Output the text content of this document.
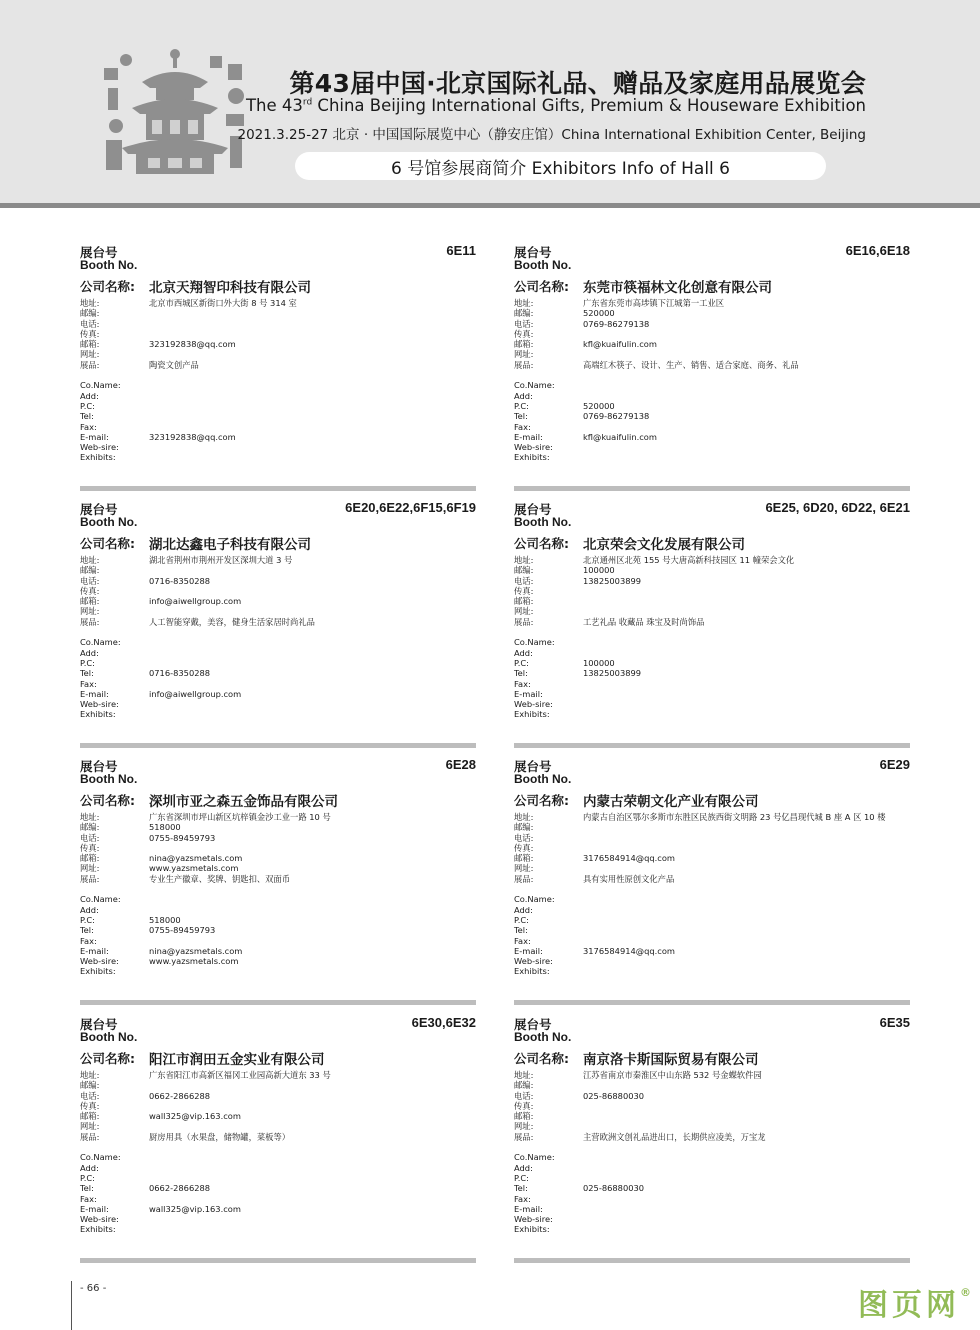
第43届中国·北京国际礼品、赠品及家庭用品展览会
The 43rd China Beijing International Gifts, Premium & Houseware Exhibition
2021.3.25-27 北京 · 中国国际展览中心（静安庄馆）China International Exhibition Center, Beijing
6 号馆参展商简介 Exhibitors Info of Hall 6
展台号
Booth No.
6E11
公司名称: 北京天翔智印科技有限公司
地址:	北京市西城区新街口外大街 8 号 314 室
邮编:
电话:
传真:
邮箱:	323192838@qq.com
网址:
展品:	陶瓷文创产品
Co.Name:
Add:
P.C:
Tel:
Fax:
E-mail:	323192838@qq.com
Web-sire:
Exhibits:
展台号
Booth No.
6E16,6E18
公司名称: 东莞市筷福林文化创意有限公司
地址:	广东省东莞市高埗镇下江城第一工业区
邮编:	520000
电话:	0769-86279138
传真:
邮箱:	kfl@kuaifulin.com
网址:
展品:	高端红木筷子、设计、生产、销售、适合家庭、商务、礼品
Co.Name:
Add:
P.C:	520000
Tel:	0769-86279138
Fax:
E-mail:	kfl@kuaifulin.com
Web-sire:
Exhibits:
展台号
Booth No.
6E20,6E22,6F15,6F19
公司名称: 湖北达鑫电子科技有限公司
地址:	湖北省荆州市荆州开发区深圳大道 3 号
邮编:
电话:	0716-8350288
传真:
邮箱:	info@aiwellgroup.com
网址:
展品:	人工智能穿戴，美容，健身生活家居时尚礼品
Co.Name:
Add:
P.C:
Tel:	0716-8350288
Fax:
E-mail:	info@aiwellgroup.com
Web-sire:
Exhibits:
展台号
Booth No.
6E25, 6D20, 6D22, 6E21
公司名称: 北京荣会文化发展有限公司
地址:	北京通州区北苑 155 号大唐高新科技园区 11 幢荣会文化
邮编:	100000
电话:	13825003899
传真:
邮箱:
网址:
展品:	工艺礼品 收藏品 珠宝及时尚饰品
Co.Name:
Add:
P.C:	100000
Tel:	13825003899
Fax:
E-mail:
Web-sire:
Exhibits:
展台号
Booth No.
6E28
公司名称: 深圳市亚之森五金饰品有限公司
地址:	广东省深圳市坪山新区坑梓镇金沙工业一路 10 号
邮编:	518000
电话:	0755-89459793
传真:
邮箱:	nina@yazsmetals.com
网址:	www.yazsmetals.com
展品:	专业生产徽章、奖牌、钥匙扣、双面币
Co.Name:
Add:
P.C:	518000
Tel:	0755-89459793
Fax:
E-mail:	nina@yazsmetals.com
Web-sire:	www.yazsmetals.com
Exhibits:
展台号
Booth No.
6E29
公司名称: 内蒙古荣朝文化产业有限公司
地址:	内蒙古自治区鄂尔多斯市东胜区民族西街文明路 23 号亿昌现代城 B 座 A 区 10 楼
邮编:
电话:
传真:
邮箱:	3176584914@qq.com
网址:
展品:	具有实用性原创文化产品
Co.Name:
Add:
P.C:
Tel:
Fax:
E-mail:	3176584914@qq.com
Web-sire:
Exhibits:
展台号
Booth No.
6E30,6E32
公司名称: 阳江市润田五金实业有限公司
地址:	广东省阳江市高新区福冈工业园高新大道东 33 号
邮编:
电话:	0662-2866288
传真:
邮箱:	wall325@vip.163.com
网址:
展品:	厨房用具（水果盘，储物罐，菜板等）
Co.Name:
Add:
P.C:
Tel:	0662-2866288
Fax:
E-mail:	wall325@vip.163.com
Web-sire:
Exhibits:
展台号
Booth No.
6E35
公司名称: 南京洛卡斯国际贸易有限公司
地址:	江苏省南京市秦淮区中山东路 532 号金蝶软件园
邮编:
电话:	025-86880030
传真:
邮箱:
网址:
展品:	主营欧洲文创礼品进出口，长期供应凌美，万宝龙
Co.Name:
Add:
P.C:
Tel:	025-86880030
Fax:
E-mail:
Web-sire:
Exhibits:
- 66 -	图页网®
